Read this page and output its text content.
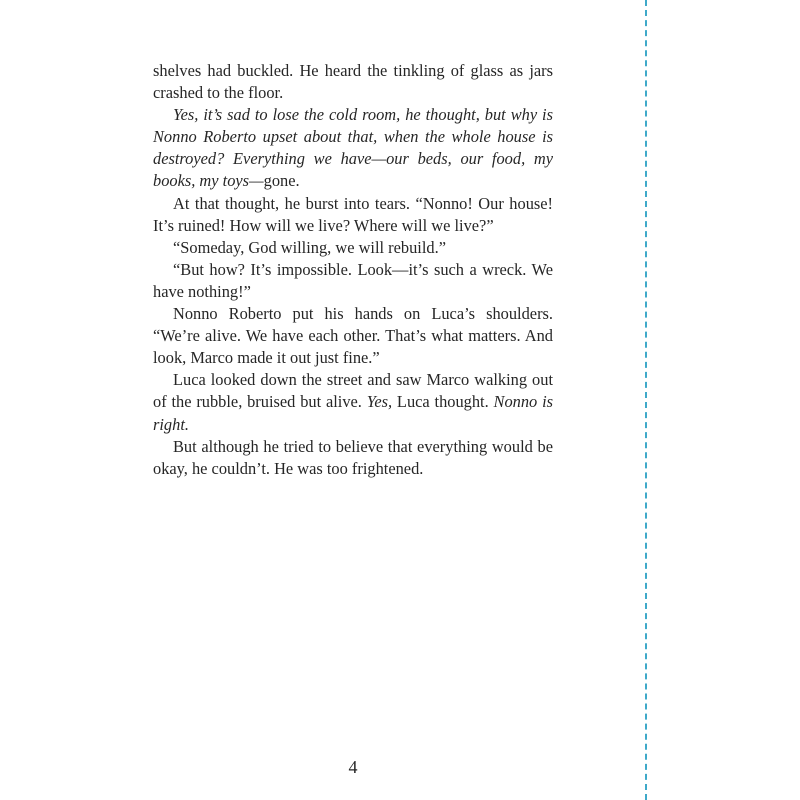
shelves had buckled. He heard the tinkling of glass as jars crashed to the floor.

Yes, it’s sad to lose the cold room, he thought, but why is Nonno Roberto upset about that, when the whole house is destroyed? Everything we have—our beds, our food, my books, my toys—gone.

At that thought, he burst into tears. “Nonno! Our house! It’s ruined! How will we live? Where will we live?”

“Someday, God willing, we will rebuild.”

“But how? It’s impossible. Look—it’s such a wreck. We have nothing!”

Nonno Roberto put his hands on Luca’s shoulders. “We’re alive. We have each other. That’s what matters. And look, Marco made it out just fine.”

Luca looked down the street and saw Marco walking out of the rubble, bruised but alive. Yes, Luca thought. Nonno is right.

But although he tried to believe that everything would be okay, he couldn’t. He was too frightened.

4
